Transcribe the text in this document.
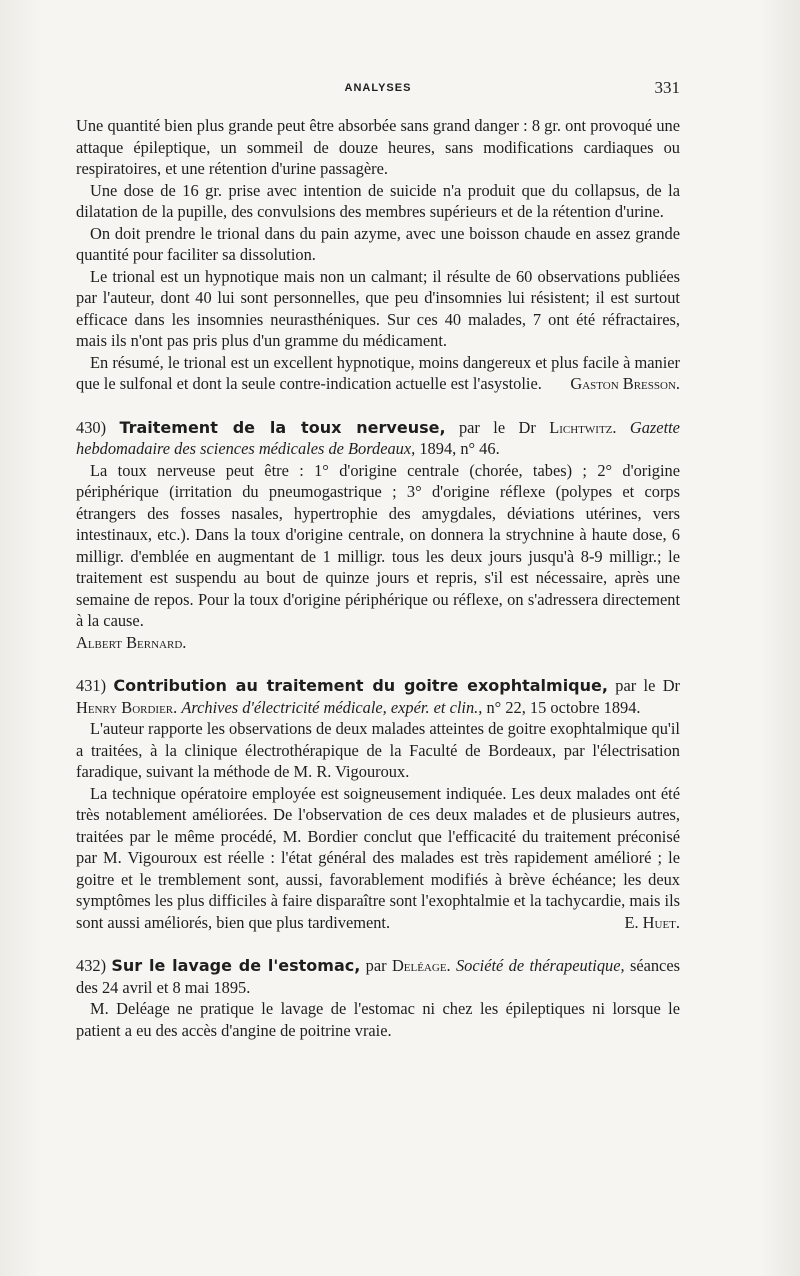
ANALYSES	331

Une quantité bien plus grande peut être absorbée sans grand danger : 8 gr. ont provoqué une attaque épileptique, un sommeil de douze heures, sans modifications cardiaques ou respiratoires, et une rétention d'urine passagère.

Une dose de 16 gr. prise avec intention de suicide n'a produit que du collapsus, de la dilatation de la pupille, des convulsions des membres supérieurs et de la rétention d'urine.

On doit prendre le trional dans du pain azyme, avec une boisson chaude en assez grande quantité pour faciliter sa dissolution.

Le trional est un hypnotique mais non un calmant; il résulte de 60 observations publiées par l'auteur, dont 40 lui sont personnelles, que peu d'insomnies lui résistent; il est surtout efficace dans les insomnies neurasthéniques. Sur ces 40 malades, 7 ont été réfractaires, mais ils n'ont pas pris plus d'un gramme du médicament.

En résumé, le trional est un excellent hypnotique, moins dangereux et plus facile à manier que le sulfonal et dont la seule contre-indication actuelle est l'asystolie.	Gaston Bresson.

430) Traitement de la toux nerveuse, par le Dr Lichtwitz. Gazette hebdomadaire des sciences médicales de Bordeaux, 1894, n° 46.

La toux nerveuse peut être : 1° d'origine centrale (chorée, tabes) ; 2° d'origine périphérique (irritation du pneumogastrique ; 3° d'origine réflexe (polypes et corps étrangers des fosses nasales, hypertrophie des amygdales, déviations utérines, vers intestinaux, etc.). Dans la toux d'origine centrale, on donnera la strychnine à haute dose, 6 milligr. d'emblée en augmentant de 1 milligr. tous les deux jours jusqu'à 8-9 milligr.; le traitement est suspendu au bout de quinze jours et repris, s'il est nécessaire, après une semaine de repos. Pour la toux d'origine périphérique ou réflexe, on s'adressera directement à la cause.

Albert Bernard.

431) Contribution au traitement du goitre exophtalmique, par le Dr Henry Bordier. Archives d'électricité médicale, expér. et clin., n° 22, 15 octobre 1894.

L'auteur rapporte les observations de deux malades atteintes de goitre exophtalmique qu'il a traitées, à la clinique électrothérapique de la Faculté de Bordeaux, par l'électrisation faradique, suivant la méthode de M. R. Vigouroux.

La technique opératoire employée est soigneusement indiquée. Les deux malades ont été très notablement améliorées. De l'observation de ces deux malades et de plusieurs autres, traitées par le même procédé, M. Bordier conclut que l'efficacité du traitement préconisé par M. Vigouroux est réelle : l'état général des malades est très rapidement amélioré ; le goitre et le tremblement sont, aussi, favorablement modifiés à brève échéance; les deux symptômes les plus difficiles à faire disparaître sont l'exophtalmie et la tachycardie, mais ils sont aussi améliorés, bien que plus tardivement.	E. Huet.

432) Sur le lavage de l'estomac, par Deléage. Société de thérapeutique, séances des 24 avril et 8 mai 1895.

M. Deléage ne pratique le lavage de l'estomac ni chez les épileptiques ni lorsque le patient a eu des accès d'angine de poitrine vraie.
